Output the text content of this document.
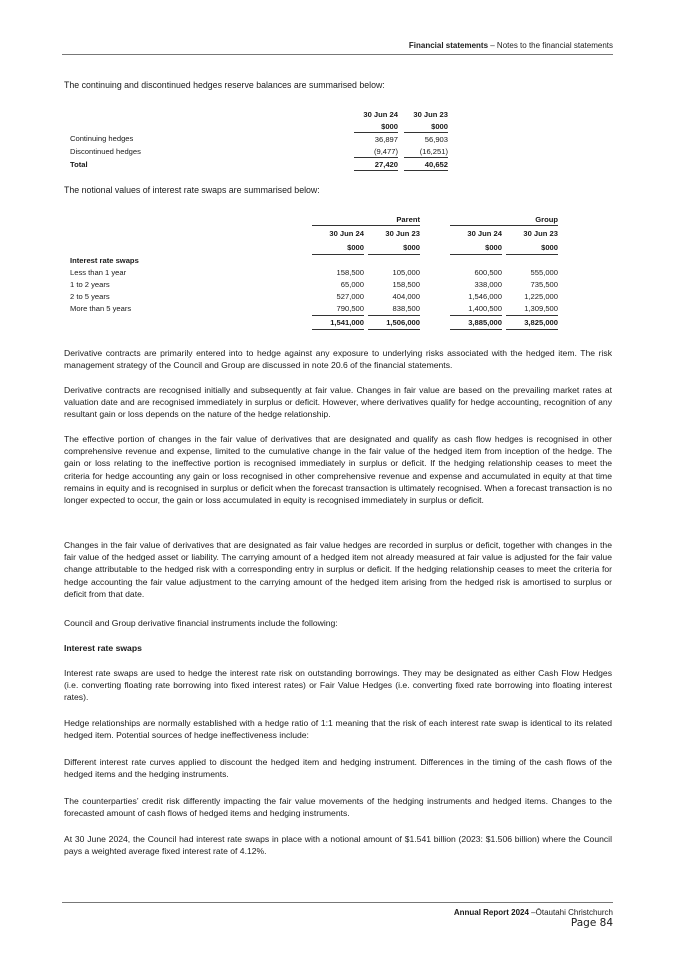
Financial statements – Notes to the financial statements
The continuing and discontinued hedges reserve balances are summarised below:
	30 Jun 24		30 Jun 23
	$000		$000
Continuing hedges	36,897		56,903
Discontinued hedges	(9,477)		(16,251)
Total	27,420		40,652
The notional values of interest rate swaps are summarised below:
	Parent				Group		
	30 Jun 24		30 Jun 23		30 Jun 24		30 Jun 23
	$000		$000		$000		$000
Interest rate swaps							
Less than 1 year	158,500		105,000		600,500		555,000
1 to 2 years	65,000		158,500		338,000		735,500
2 to 5 years	527,000		404,000		1,546,000		1,225,000
More than 5 years	790,500		838,500		1,400,500		1,309,500
	1,541,000		1,506,000		3,885,000		3,825,000

Derivative contracts are primarily entered into to hedge against any exposure to underlying risks associated with the hedged item. The risk management strategy of the Council and Group are discussed in note 20.6 of the financial statements.

Derivative contracts are recognised initially and subsequently at fair value. Changes in fair value are based on the prevailing market rates at valuation date and are recognised immediately in surplus or deficit. However, where derivatives qualify for hedge accounting, recognition of any resultant gain or loss depends on the nature of the hedge relationship.

The effective portion of changes in the fair value of derivatives that are designated and qualify as cash flow hedges is recognised in other comprehensive revenue and expense, limited to the cumulative change in the fair value of the hedged item from inception of the hedge. The gain or loss relating to the ineffective portion is recognised immediately in surplus or deficit. If the hedging relationship ceases to meet the criteria for hedge accounting any gain or loss recognised in other comprehensive revenue and expense and accumulated in equity at that time remains in equity and is recognised in surplus or deficit when the forecast transaction is ultimately recognised. When a forecast transaction is no longer expected to occur, the gain or loss accumulated in equity is recognised immediately in surplus or deficit.

Changes in the fair value of derivatives that are designated as fair value hedges are recorded in surplus or deficit, together with changes in the fair value of the hedged asset or liability. The carrying amount of a hedged item not already measured at fair value is adjusted for the fair value change attributable to the hedged risk with a corresponding entry in surplus or deficit. If the hedging relationship ceases to meet the criteria for hedge accounting the fair value adjustment to the carrying amount of the hedged item arising from the hedged risk is amortised to surplus or deficit from that date.

Council and Group derivative financial instruments include the following:

Interest rate swaps

Interest rate swaps are used to hedge the interest rate risk on outstanding borrowings. They may be designated as either Cash Flow Hedges (i.e. converting floating rate borrowing into fixed interest rates) or Fair Value Hedges (i.e. converting fixed rate borrowing into floating interest rates).

Hedge relationships are normally established with a hedge ratio of 1:1 meaning that the risk of each interest rate swap is identical to its related hedged item. Potential sources of hedge ineffectiveness include:

Different interest rate curves applied to discount the hedged item and hedging instrument. Differences in the timing of the cash flows of the hedged items and the hedging instruments.

The counterparties’ credit risk differently impacting the fair value movements of the hedging instruments and hedged items. Changes to the forecasted amount of cash flows of hedged items and hedging instruments.

At 30 June 2024, the Council had interest rate swaps in place with a notional amount of $1.541 billion (2023: $1.506 billion) where the Council pays a weighted average fixed interest rate of 4.12%.

Annual Report 2024 –Ōtautahi Christchurch
Page 84
